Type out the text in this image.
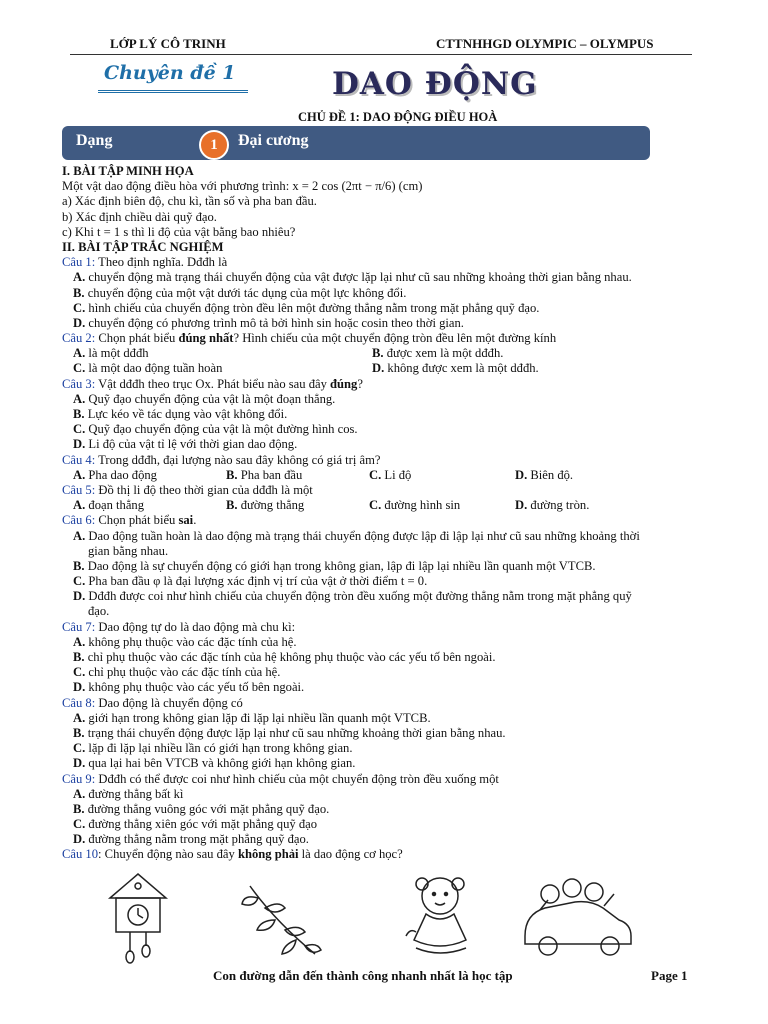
LỚP LÝ CÔ TRINH	CTTNHHGD OLYMPIC – OLYMPUS
Chuyên đề 1	DAO ĐỘNG
CHỦ ĐỀ 1: DAO ĐỘNG ĐIỀU HOÀ
Dạng	1	Đại cương
I. BÀI TẬP MINH HỌA
Một vật dao động điều hòa với phương trình: x = 2 cos (2πt − π/6) (cm)
a) Xác định biên độ, chu kì, tần số và pha ban đầu.
b) Xác định chiều dài quỹ đạo.
c) Khi t = 1 s thì li độ của vật bằng bao nhiêu?
II. BÀI TẬP TRẮC NGHIỆM
Câu 1: Theo định nghĩa. Dđđh là
A. chuyển động mà trạng thái chuyển động của vật được lặp lại như cũ sau những khoảng thời gian bằng nhau.
B. chuyển động của một vật dưới tác dụng của một lực không đổi.
C. hình chiếu của chuyển động tròn đều lên một đường thẳng nằm trong mặt phẳng quỹ đạo.
D. chuyển động có phương trình mô tả bởi hình sin hoặc cosin theo thời gian.
Câu 2: Chọn phát biểu đúng nhất? Hình chiếu của một chuyển động tròn đều lên một đường kính
A. là một dđđh	B. được xem là một dđđh.
C. là một dao động tuần hoàn	D. không được xem là một dđđh.
Câu 3: Vật dđđh theo trục Ox. Phát biểu nào sau đây đúng?
A. Quỹ đạo chuyển động của vật là một đoạn thẳng.
B. Lực kéo về tác dụng vào vật không đổi.
C. Quỹ đạo chuyển động của vật là một đường hình cos.
D. Li độ của vật tỉ lệ với thời gian dao động.
Câu 4: Trong dđđh, đại lượng nào sau đây không có giá trị âm?
A. Pha dao động	B. Pha ban đầu	C. Li độ	D. Biên độ.
Câu 5: Đồ thị li độ theo thời gian của dđđh là một
A. đoạn thẳng	B. đường thẳng	C. đường hình sin	D. đường tròn.
Câu 6: Chọn phát biểu sai.
A. Dao động tuần hoàn là dao động mà trạng thái chuyển động được lập đi lập lại như cũ sau những khoảng thời
gian bằng nhau.
B. Dao động là sự chuyển động có giới hạn trong không gian, lập đi lập lại nhiều lần quanh một VTCB.
C. Pha ban đầu φ là đại lượng xác định vị trí của vật ở thời điểm t = 0.
D. Dđđh được coi như hình chiếu của chuyển động tròn đều xuống một đường thẳng nằm trong mặt phẳng quỹ
đạo.
Câu 7: Dao động tự do là dao động mà chu kì:
A. không phụ thuộc vào các đặc tính của hệ.
B. chỉ phụ thuộc vào các đặc tính của hệ không phụ thuộc vào các yếu tố bên ngoài.
C. chỉ phụ thuộc vào các đặc tính của hệ.
D. không phụ thuộc vào các yếu tố bên ngoài.
Câu 8: Dao động là chuyển động có
A. giới hạn trong không gian lặp đi lặp lại nhiều lần quanh một VTCB.
B. trạng thái chuyển động được lặp lại như cũ sau những khoảng thời gian bằng nhau.
C. lặp đi lặp lại nhiều lần có giới hạn trong không gian.
D. qua lại hai bên VTCB và không giới hạn không gian.
Câu 9: Dđđh có thể được coi như hình chiếu của một chuyển động tròn đều xuống một
A. đường thẳng bất kì
B. đường thẳng vuông góc với mặt phẳng quỹ đạo.
C. đường thẳng xiên góc với mặt phẳng quỹ đạo
D. đường thẳng nằm trong mặt phẳng quỹ đạo.
Câu 10: Chuyển động nào sau đây không phải là dao động cơ học?
Con đường dẫn đến thành công nhanh nhất là học tập	Page 1
